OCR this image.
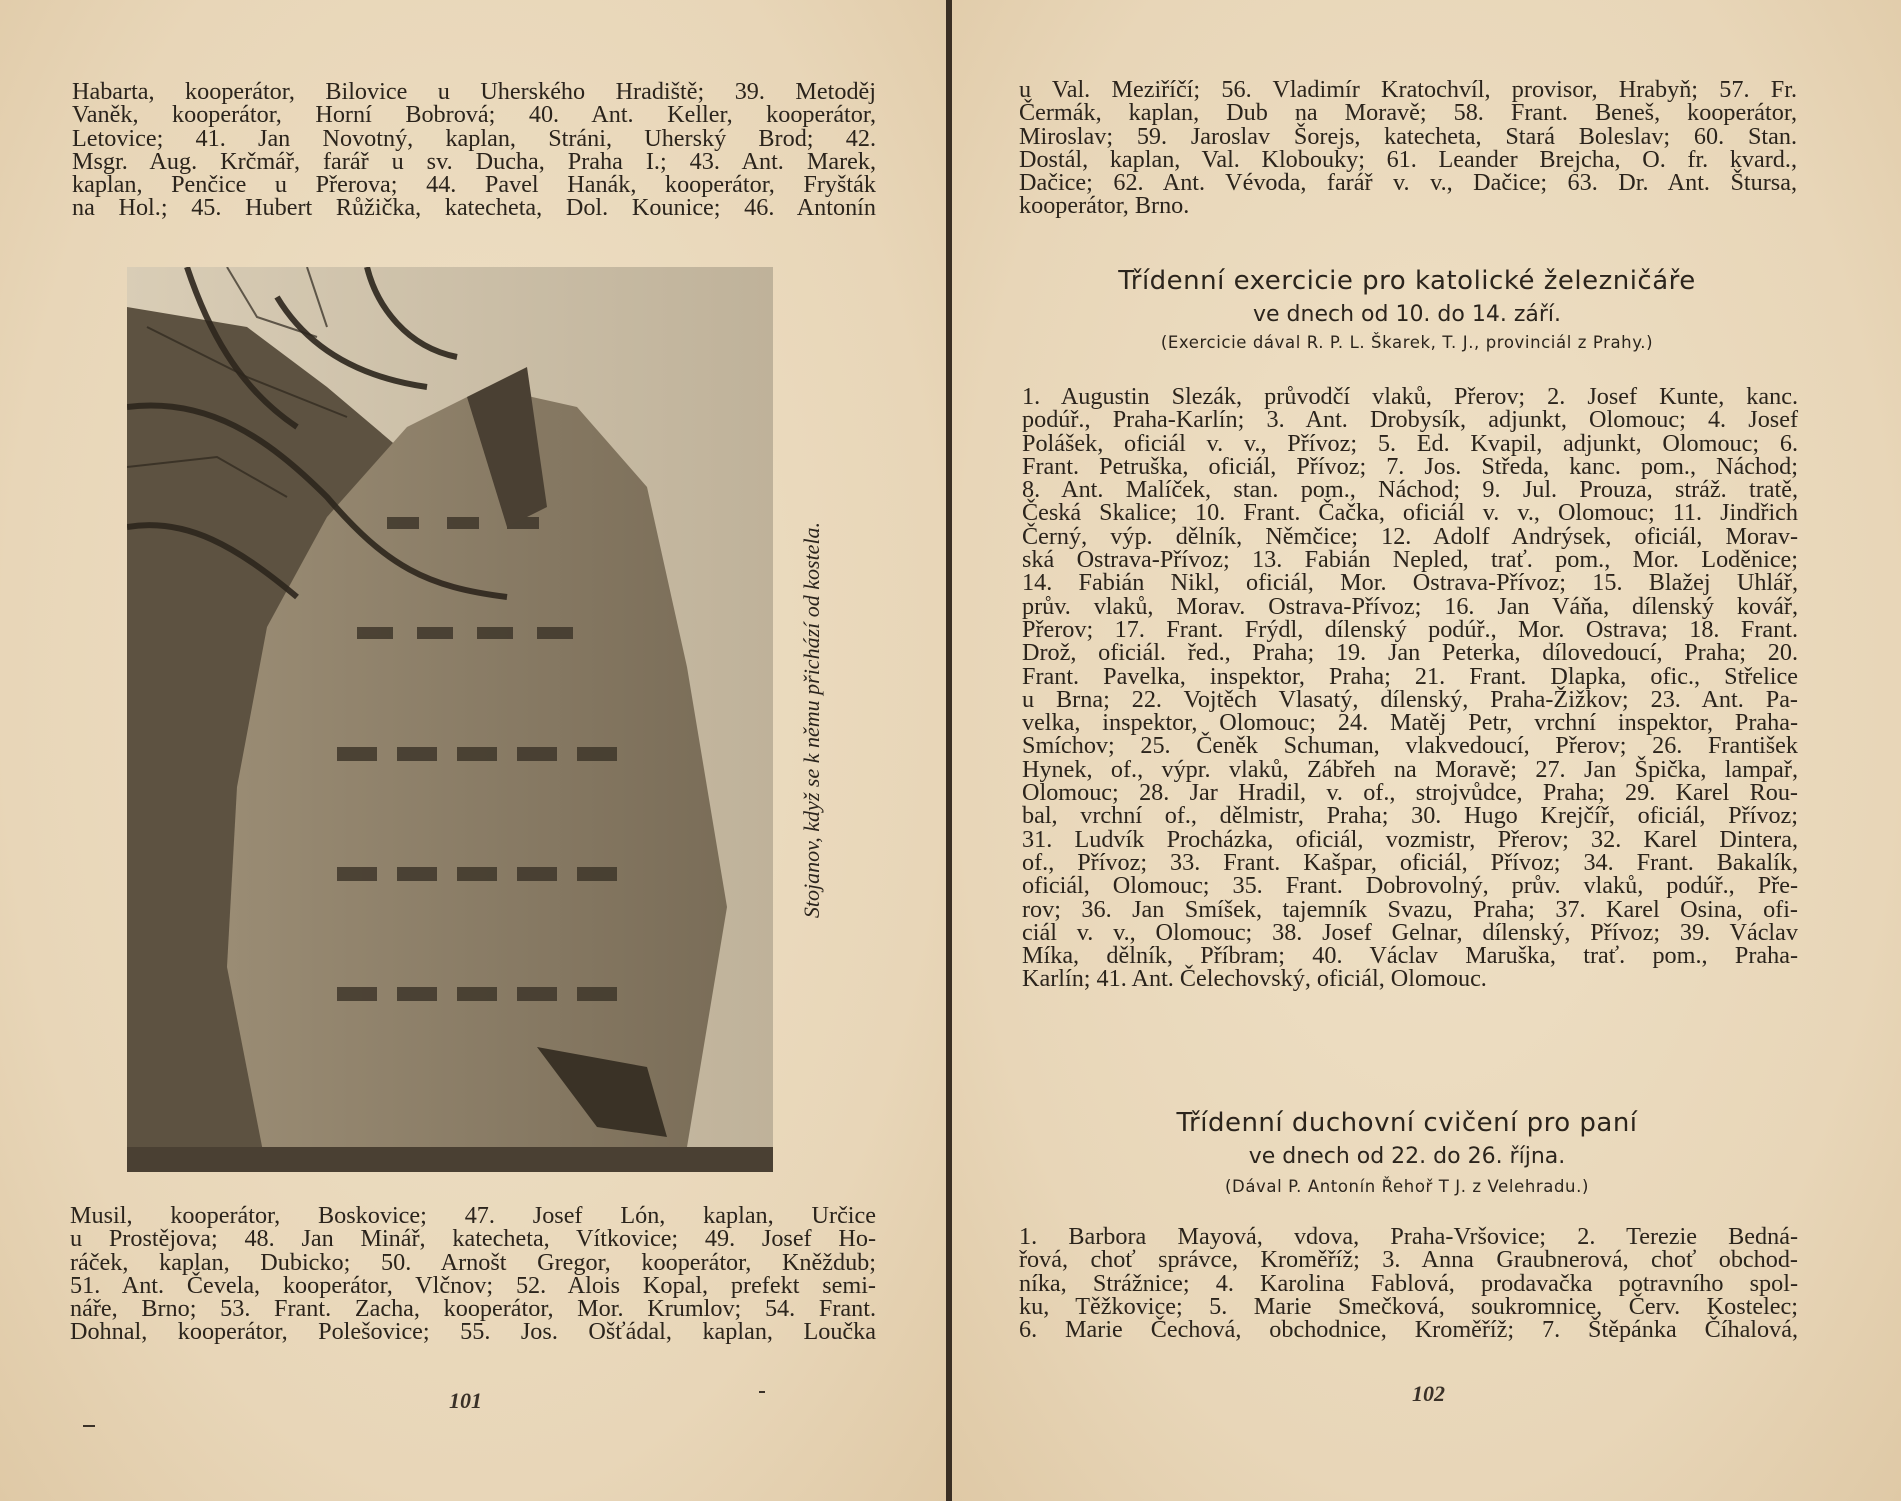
Habarta, kooperátor, Bilovice u Uherského Hradiště; 39. Metoděj
Vaněk, kooperátor, Horní Bobrová; 40. Ant. Keller, kooperátor,
Letovice; 41. Jan Novotný, kaplan, Stráni, Uherský Brod; 42.
Msgr. Aug. Krčmář, farář u sv. Ducha, Praha I.; 43. Ant. Marek,
kaplan, Penčice u Přerova; 44. Pavel Hanák, kooperátor, Fryšták
na Hol.; 45. Hubert Růžička, katecheta, Dol. Kounice; 46. Antonín
Stojanov, když se k němu přichází od kostela.
Musil, kooperátor, Boskovice; 47. Josef Lón, kaplan, Určice
u Prostějova; 48. Jan Minář, katecheta, Vítkovice; 49. Josef Ho-
ráček, kaplan, Dubicko; 50. Arnošt Gregor, kooperátor, Kněždub;
51. Ant. Čevela, kooperátor, Vlčnov; 52. Alois Kopal, prefekt semi-
náře, Brno; 53. Frant. Zacha, kooperátor, Mor. Krumlov; 54. Frant.
Dohnal, kooperátor, Polešovice; 55. Jos. Ošťádal, kaplan, Loučka
101
u Val. Meziříčí; 56. Vladimír Kratochvíl, provisor, Hrabyň; 57. Fr.
Čermák, kaplan, Dub na Moravě; 58. Frant. Beneš, kooperátor,
Miroslav; 59. Jaroslav Šorejs, katecheta, Stará Boleslav; 60. Stan.
Dostál, kaplan, Val. Klobouky; 61. Leander Brejcha, O. fr. kvard.,
Dačice; 62. Ant. Vévoda, farář v. v., Dačice; 63. Dr. Ant. Štursa,
kooperátor, Brno.
Třídenní exercicie pro katolické železničáře
ve dnech od 10. do 14. září.
(Exercicie dával R. P. L. Škarek, T. J., provinciál z Prahy.)
1. Augustin Slezák, průvodčí vlaků, Přerov; 2. Josef Kunte, kanc.
podúř., Praha-Karlín; 3. Ant. Drobysík, adjunkt, Olomouc; 4. Josef
Polášek, oficiál v. v., Přívoz; 5. Ed. Kvapil, adjunkt, Olomouc; 6.
Frant. Petruška, oficiál, Přívoz; 7. Jos. Středa, kanc. pom., Náchod;
8. Ant. Malíček, stan. pom., Náchod; 9. Jul. Prouza, stráž. tratě,
Česká Skalice; 10. Frant. Čačka, oficiál v. v., Olomouc; 11. Jindřich
Černý, výp. dělník, Němčice; 12. Adolf Andrýsek, oficiál, Morav-
ská Ostrava-Přívoz; 13. Fabián Nepled, trať. pom., Mor. Loděnice;
14. Fabián Nikl, oficiál, Mor. Ostrava-Přívoz; 15. Blažej Uhlář,
prův. vlaků, Morav. Ostrava-Přívoz; 16. Jan Váňa, dílenský kovář,
Přerov; 17. Frant. Frýdl, dílenský podúř., Mor. Ostrava; 18. Frant.
Drož, oficiál. řed., Praha; 19. Jan Peterka, dílovedoucí, Praha; 20.
Frant. Pavelka, inspektor, Praha; 21. Frant. Dlapka, ofic., Střelice
u Brna; 22. Vojtěch Vlasatý, dílenský, Praha-Žižkov; 23. Ant. Pa-
velka, inspektor, Olomouc; 24. Matěj Petr, vrchní inspektor, Praha-
Smíchov; 25. Čeněk Schuman, vlakvedoucí, Přerov; 26. František
Hynek, of., výpr. vlaků, Zábřeh na Moravě; 27. Jan Špička, lampař,
Olomouc; 28. Jar Hradil, v. of., strojvůdce, Praha; 29. Karel Rou-
bal, vrchní of., dělmistr, Praha; 30. Hugo Krejčíř, oficiál, Přívoz;
31. Ludvík Procházka, oficiál, vozmistr, Přerov; 32. Karel Dintera,
of., Přívoz; 33. Frant. Kašpar, oficiál, Přívoz; 34. Frant. Bakalík,
oficiál, Olomouc; 35. Frant. Dobrovolný, prův. vlaků, podúř., Pře-
rov; 36. Jan Smíšek, tajemník Svazu, Praha; 37. Karel Osina, ofi-
ciál v. v., Olomouc; 38. Josef Gelnar, dílenský, Přívoz; 39. Václav
Míka, dělník, Příbram; 40. Václav Maruška, trať. pom., Praha-
Karlín; 41. Ant. Čelechovský, oficiál, Olomouc.
Třídenní duchovní cvičení pro paní
ve dnech od 22. do 26. října.
(Dával P. Antonín Řehoř T J. z Velehradu.)
1. Barbora Mayová, vdova, Praha-Vršovice; 2. Terezie Bedná-
řová, choť správce, Kroměříž; 3. Anna Graubnerová, choť obchod-
níka, Strážnice; 4. Karolina Fablová, prodavačka potravního spol-
ku, Těžkovice; 5. Marie Smečková, soukromnice, Červ. Kostelec;
6. Marie Čechová, obchodnice, Kroměříž; 7. Štěpánka Číhalová,
102
